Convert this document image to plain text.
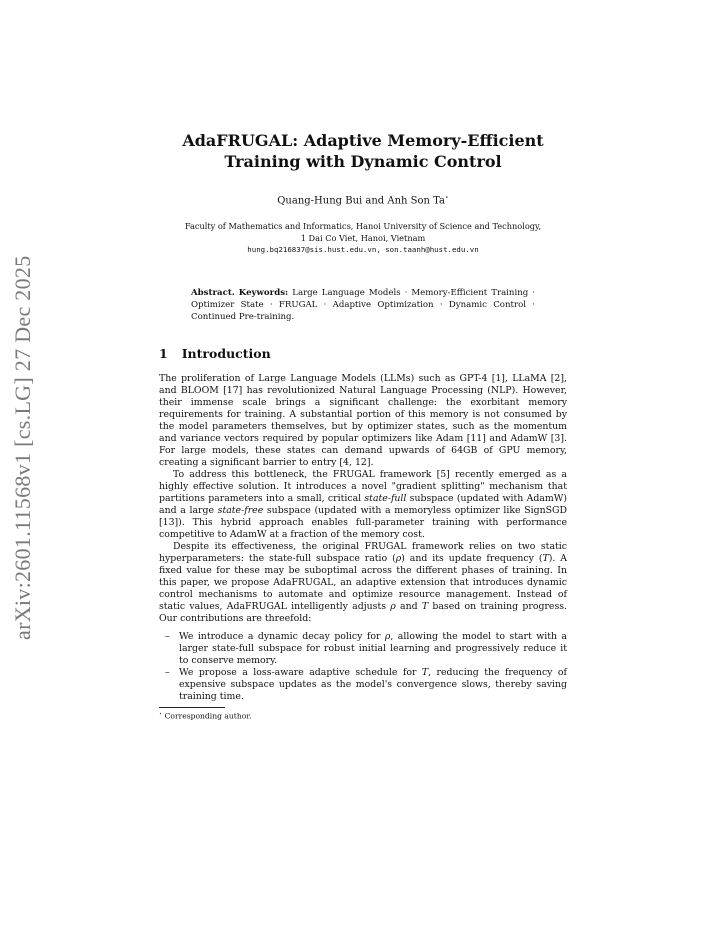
arXiv:2601.11568v1 [cs.LG] 27 Dec 2025
AdaFRUGAL: Adaptive Memory-Efficient
Training with Dynamic Control
Quang-Hung Bui and Anh Son Ta⋆
Faculty of Mathematics and Informatics, Hanoi University of Science and Technology,
1 Dai Co Viet, Hanoi, Vietnam
hung.bq216837@sis.hust.edu.vn, son.taanh@hust.edu.vn
Abstract. Keywords: Large Language Models · Memory-Efficient Training · Optimizer State · FRUGAL · Adaptive Optimization · Dynamic Control · Continued Pre-training.
1 Introduction

The proliferation of Large Language Models (LLMs) such as GPT-4 [1], LLaMA [2], and BLOOM [17] has revolutionized Natural Language Processing (NLP). However, their immense scale brings a significant challenge: the exorbitant memory requirements for training. A substantial portion of this memory is not consumed by the model parameters themselves, but by optimizer states, such as the momentum and variance vectors required by popular optimizers like Adam [11] and AdamW [3]. For large models, these states can demand upwards of 64GB of GPU memory, creating a significant barrier to entry [4, 12].

To address this bottleneck, the FRUGAL framework [5] recently emerged as a highly effective solution. It introduces a novel "gradient splitting" mechanism that partitions parameters into a small, critical state-full subspace (updated with AdamW) and a large state-free subspace (updated with a memoryless optimizer like SignSGD [13]). This hybrid approach enables full-parameter training with performance competitive to AdamW at a fraction of the memory cost.

Despite its effectiveness, the original FRUGAL framework relies on two static hyperparameters: the state-full subspace ratio (ρ) and its update frequency (T). A fixed value for these may be suboptimal across the different phases of training. In this paper, we propose AdaFRUGAL, an adaptive extension that introduces dynamic control mechanisms to automate and optimize resource management. Instead of static values, AdaFRUGAL intelligently adjusts ρ and T based on training progress. Our contributions are threefold:

– We introduce a dynamic decay policy for ρ, allowing the model to start with a larger state-full subspace for robust initial learning and progressively reduce it to conserve memory.
– We propose a loss-aware adaptive schedule for T, reducing the frequency of expensive subspace updates as the model's convergence slows, thereby saving training time.
⋆ Corresponding author.
